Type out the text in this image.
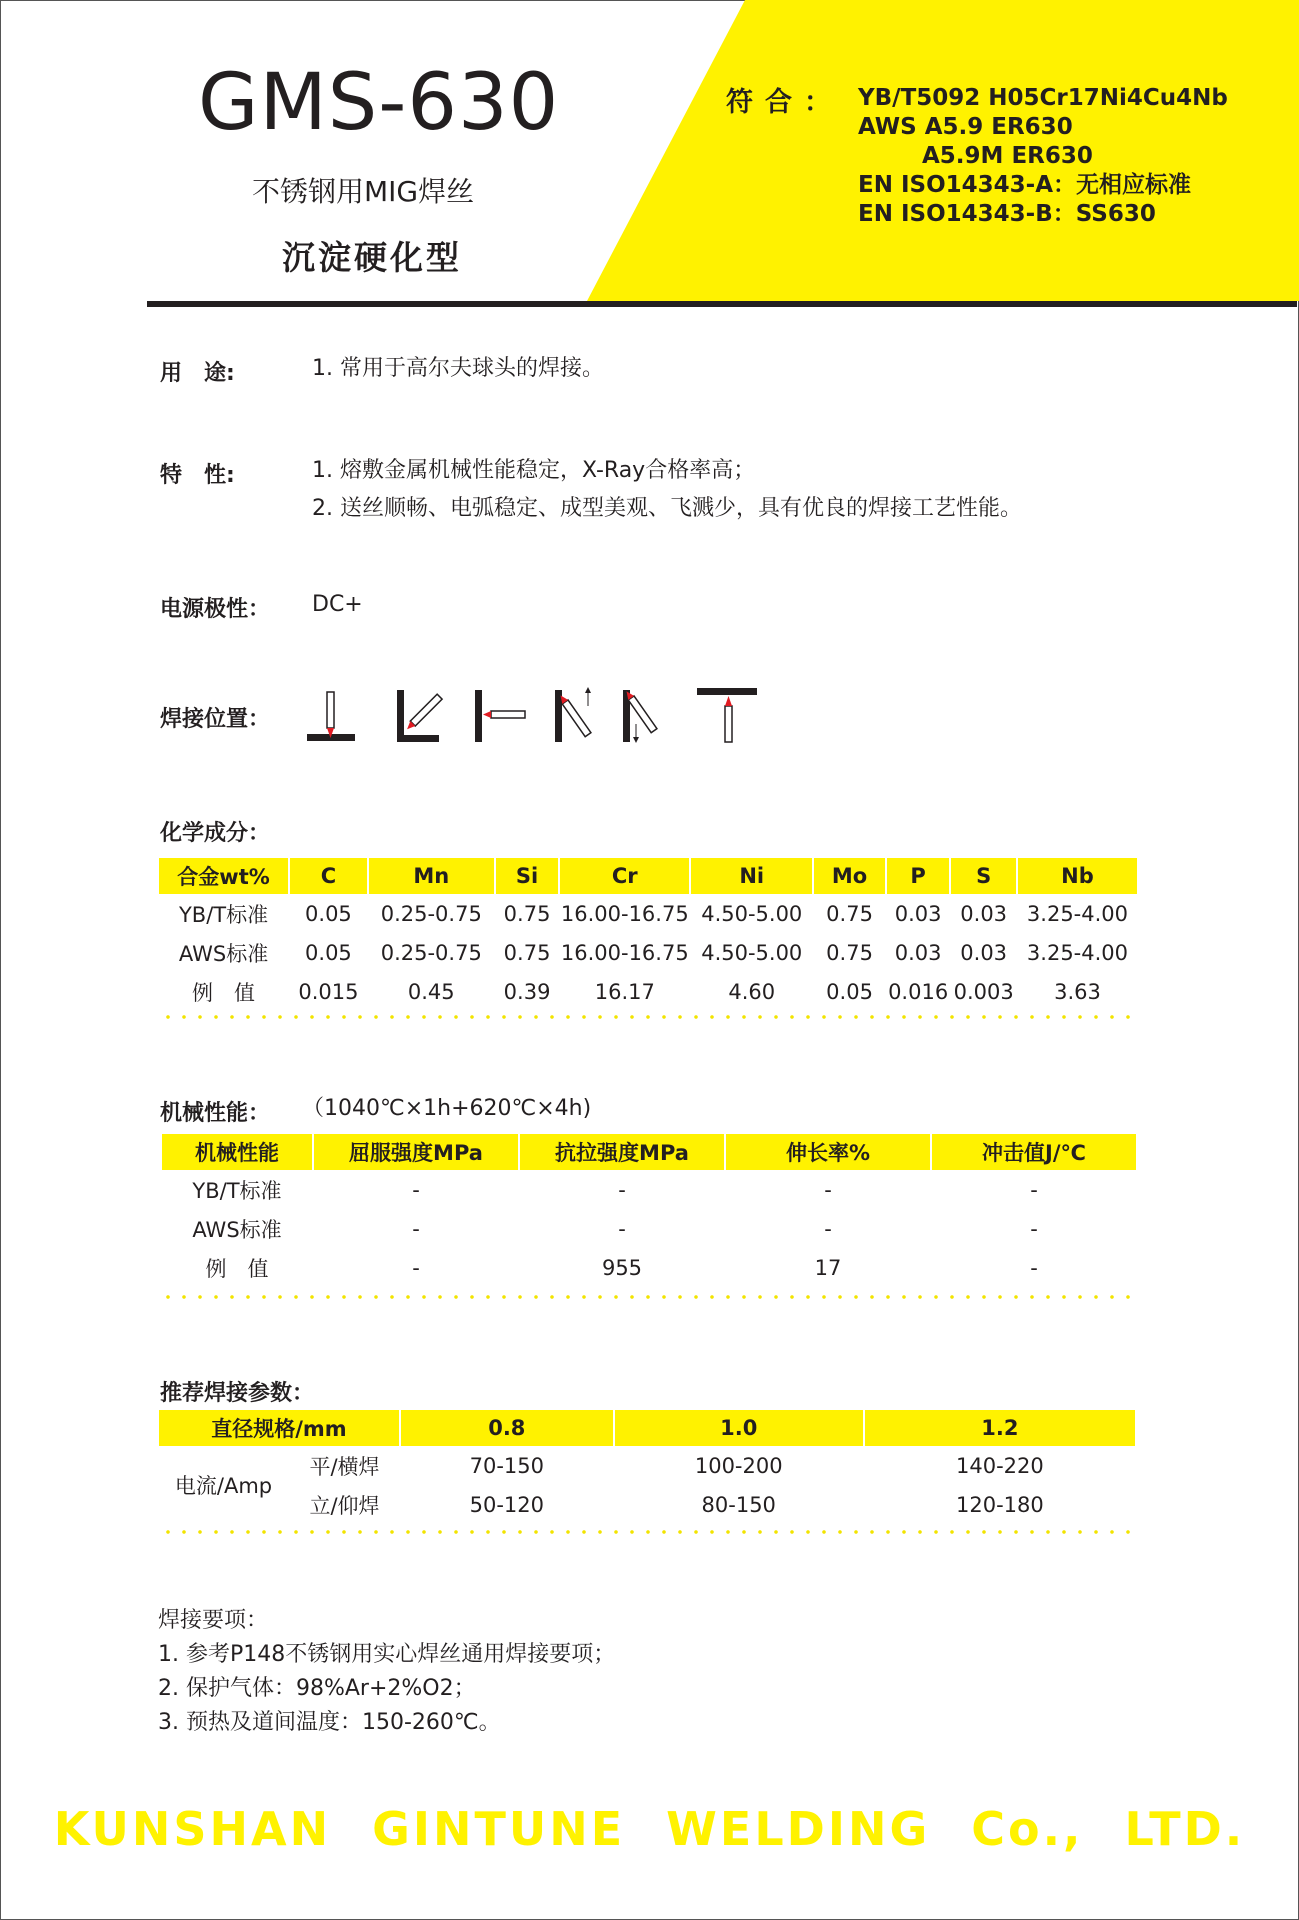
GMS-630
不锈钢用MIG焊丝
沉淀硬化型
符合： YB/T5092 H05Cr17Ni4Cu4Nb
AWS A5.9 ER630
A5.9M ER630
EN ISO14343-A：无相应标准
EN ISO14343-B：SS630
用　途:	1. 常用于高尔夫球头的焊接。
特　性:	1. 熔敷金属机械性能稳定，X-Ray合格率高；
2. 送丝顺畅、电弧稳定、成型美观、飞溅少，具有优良的焊接工艺性能。
电源极性： DC+
焊接位置：
化学成分：
合金wt%	C	Mn	Si	Cr	Ni	Mo	P	S	Nb
YB/T标准	0.05	0.25-0.75	0.75	16.00-16.75	4.50-5.00	0.75	0.03	0.03	3.25-4.00
AWS标准	0.05	0.25-0.75	0.75	16.00-16.75	4.50-5.00	0.75	0.03	0.03	3.25-4.00
例　值	0.015	0.45	0.39	16.17	4.60	0.05	0.016	0.003	3.63
机械性能： （1040℃×1h+620℃×4h)
机械性能	屈服强度MPa	抗拉强度MPa	伸长率%	冲击值J/℃
YB/T标准	-	-	-	-
AWS标准	-	-	-	-
例　值	-	955	17	-
推荐焊接参数：
直径规格/mm		0.8	1.0	1.2
电流/Amp	平/横焊	70-150	100-200	140-220
	立/仰焊	50-120	80-150	120-180
焊接要项：
1. 参考P148不锈钢用实心焊丝通用焊接要项；
2. 保护气体：98%Ar+2%O2；
3. 预热及道间温度：150-260℃。
KUNSHAN GINTUNE WELDING Co., LTD.
